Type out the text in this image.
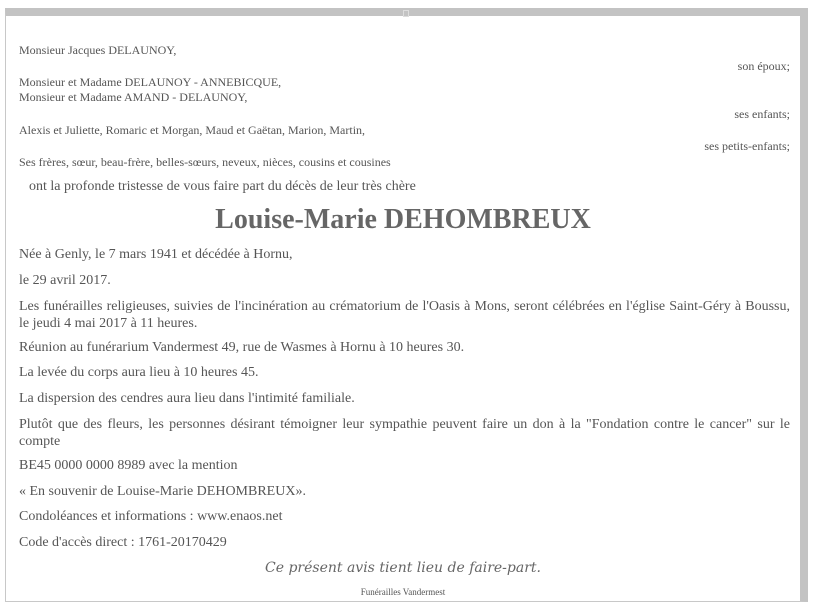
Monsieur Jacques DELAUNOY,
son époux;
Monsieur et Madame DELAUNOY - ANNEBICQUE,
Monsieur et Madame AMAND - DELAUNOY,
ses enfants;
Alexis et Juliette, Romaric et Morgan, Maud et Gaëtan, Marion, Martin,
ses petits-enfants;
Ses frères, sœur, beau-frère, belles-sœurs, neveux, nièces, cousins et cousines
ont la profonde tristesse de vous faire part du décès de leur très chère
Louise-Marie DEHOMBREUX
Née à Genly, le 7 mars 1941 et décédée à Hornu,
le 29 avril 2017.
Les funérailles religieuses, suivies de l'incinération au crématorium de l'Oasis à Mons, seront célébrées en l'église Saint-Géry à Boussu, le jeudi 4 mai 2017 à 11 heures.
Réunion au funérarium Vandermest 49, rue de Wasmes à Hornu à 10 heures 30.
La levée du corps aura lieu à 10 heures 45.
La dispersion des cendres aura lieu dans l'intimité familiale.
Plutôt que des fleurs, les personnes désirant témoigner leur sympathie peuvent faire un don à la "Fondation contre le cancer" sur le compte
BE45 0000 0000 8989 avec la mention
« En souvenir de Louise-Marie DEHOMBREUX».
Condoléances et informations : www.enaos.net
Code d'accès direct : 1761-20170429
Ce présent avis tient lieu de faire-part.
Funérailles Vandermest
